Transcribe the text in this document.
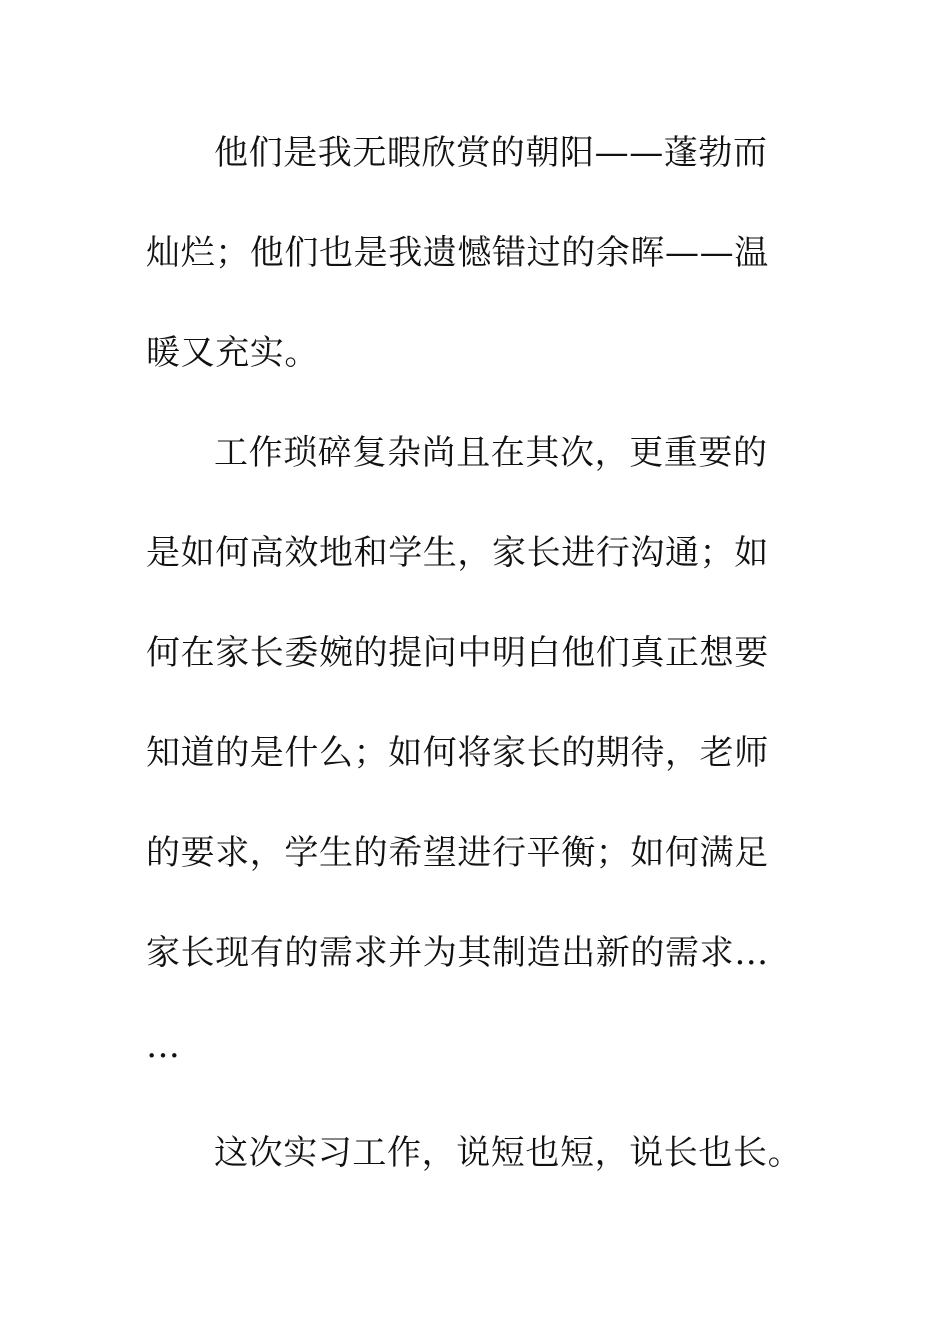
他们是我无暇欣赏的朝阳——蓬勃而
灿烂；他们也是我遗憾错过的余晖——温
暖又充实。
工作琐碎复杂尚且在其次，更重要的
是如何高效地和学生，家长进行沟通；如
何在家长委婉的提问中明白他们真正想要
知道的是什么；如何将家长的期待，老师
的要求，学生的希望进行平衡；如何满足
家长现有的需求并为其制造出新的需求…
…
这次实习工作，说短也短，说长也长。
